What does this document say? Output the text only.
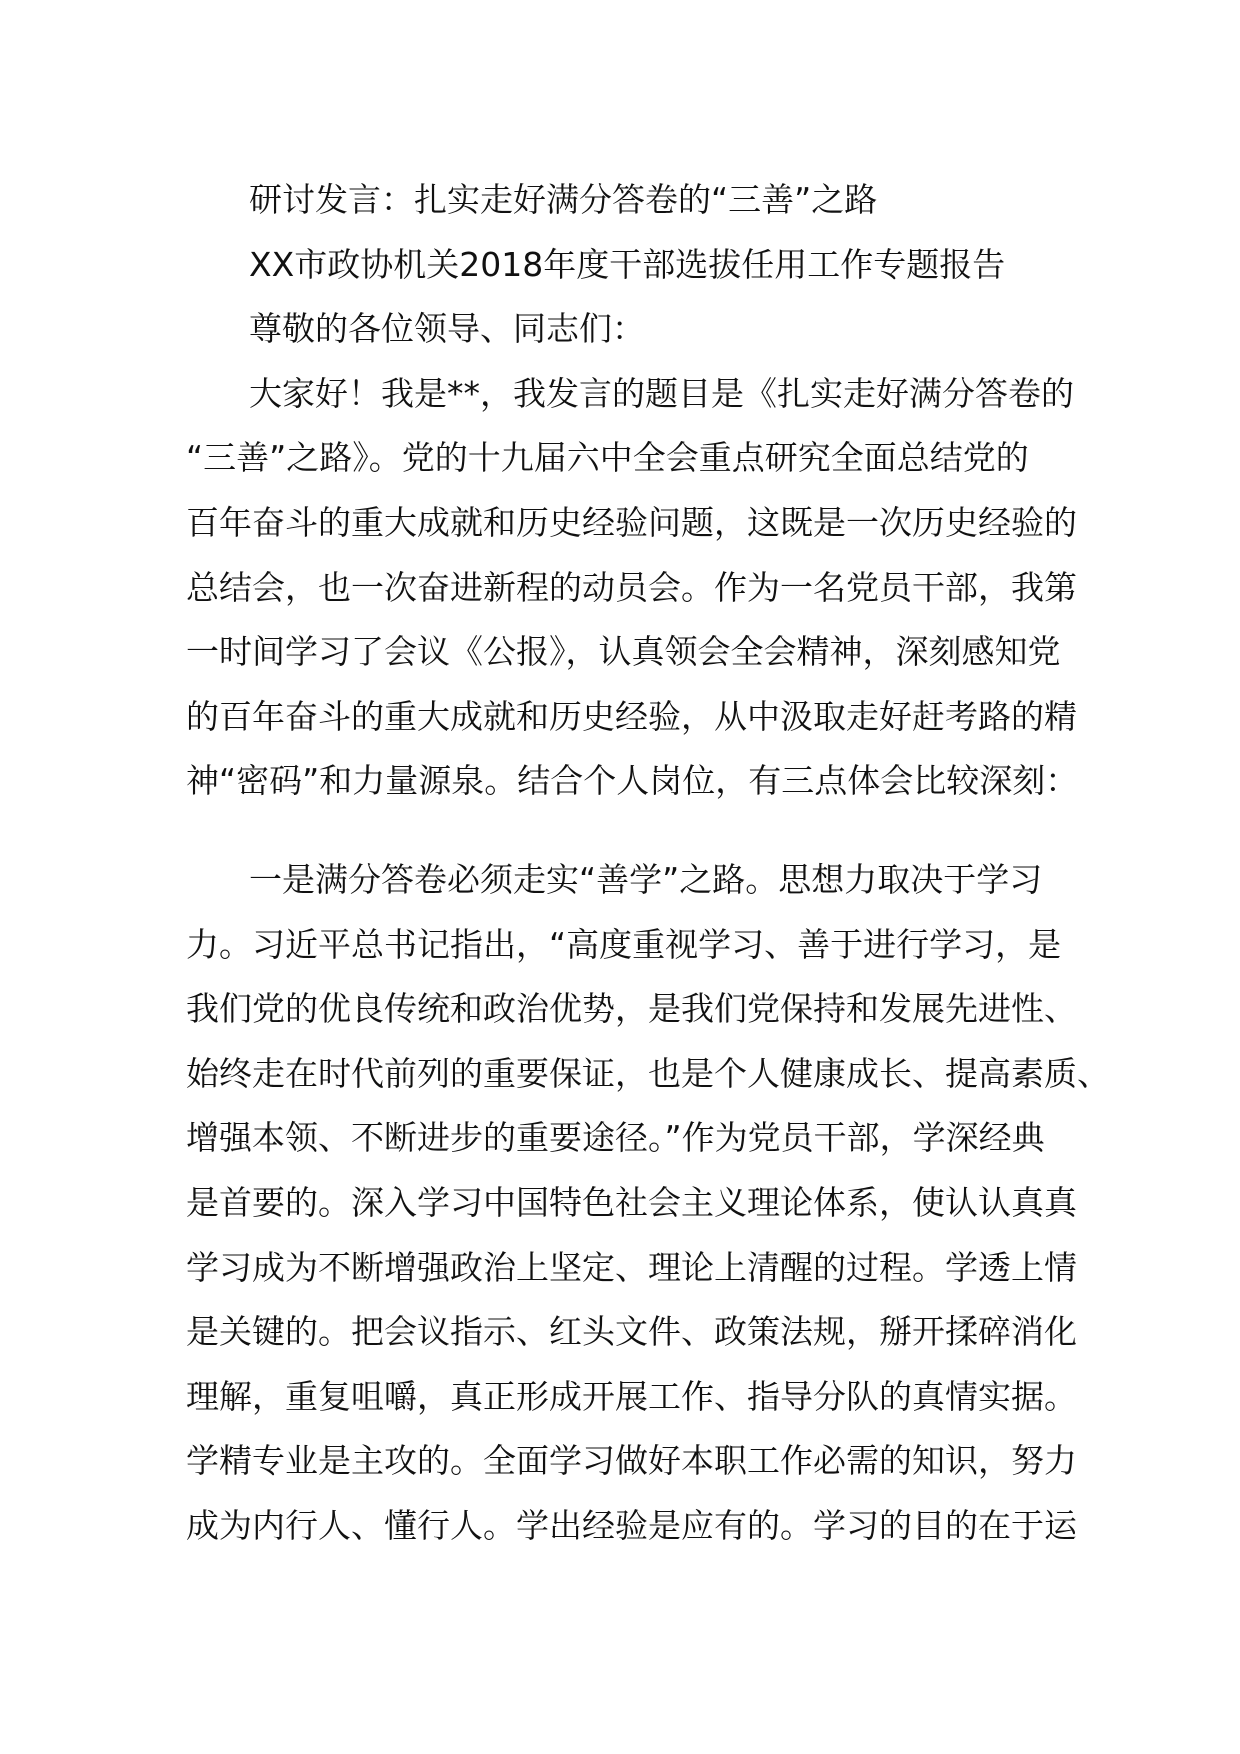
研讨发言：扎实走好满分答卷的“三善”之路
XX市政协机关2018年度干部选拔任用工作专题报告
尊敬的各位领导、同志们：
大家好！我是**，我发言的题目是《扎实走好满分答卷的
“三善”之路》。党的十九届六中全会重点研究全面总结党的
百年奋斗的重大成就和历史经验问题，这既是一次历史经验的
总结会，也一次奋进新程的动员会。作为一名党员干部，我第
一时间学习了会议《公报》，认真领会全会精神，深刻感知党
的百年奋斗的重大成就和历史经验，从中汲取走好赶考路的精
神“密码”和力量源泉。结合个人岗位，有三点体会比较深刻：
一是满分答卷必须走实“善学”之路。思想力取决于学习
力。习近平总书记指出，“高度重视学习、善于进行学习，是
我们党的优良传统和政治优势，是我们党保持和发展先进性、
始终走在时代前列的重要保证，也是个人健康成长、提高素质、
增强本领、不断进步的重要途径。”作为党员干部，学深经典
是首要的。深入学习中国特色社会主义理论体系，使认认真真
学习成为不断增强政治上坚定、理论上清醒的过程。学透上情
是关键的。把会议指示、红头文件、政策法规，掰开揉碎消化
理解，重复咀嚼，真正形成开展工作、指导分队的真情实据。
学精专业是主攻的。全面学习做好本职工作必需的知识，努力
成为内行人、懂行人。学出经验是应有的。学习的目的在于运
